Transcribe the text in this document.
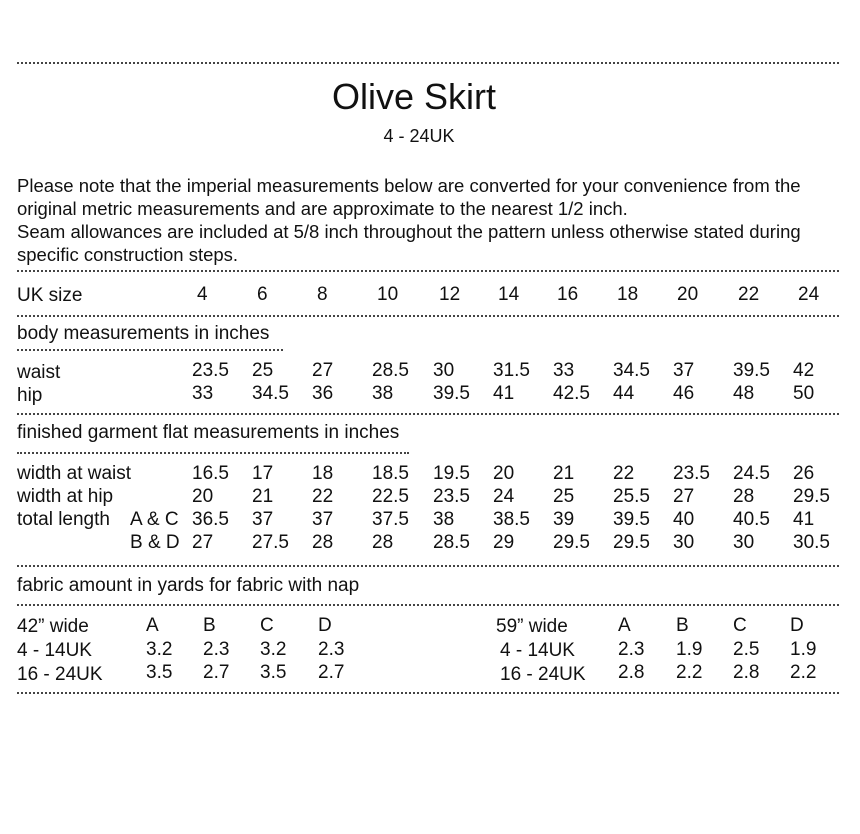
Olive Skirt
4 - 24UK
Please note that the imperial measurements below are converted for your convenience from the
original metric measurements and are approximate to the nearest 1/2 inch.
Seam allowances are included at 5/8 inch throughout the pattern unless otherwise stated during
specific construction steps.
UK size	4	6	8	10 12 14 16 18 20 22 24
body measurements in inches
waist	23.5 25 27 28.5 30 31.5 33 34.5 37 39.5 42
hip	33 34.5 36 38 39.5 41 42.5 44 46 48 50
finished garment flat measurements in inches
width at waist	16.5 17 18 18.5 19.5 20 21 22 23.5 24.5 26
width at hip	20 21 22 22.5 23.5 24 25 25.5 27 28 29.5
total length A & C 36.5 37 37 37.5 38 38.5 39 39.5 40 40.5 41
B & D 27 27.5 28 28 28.5 29 29.5 29.5 30 30 30.5
fabric amount in yards for fabric with nap
42” wide	A B C D
4 - 14UK	3.2 2.3 3.2 2.3
16 - 24UK 3.5 2.7 3.5 2.7
59” wide	A B C D
4 - 14UK 2.3 1.9 2.5 1.9
16 - 24UK 2.8 2.2 2.8 2.2
